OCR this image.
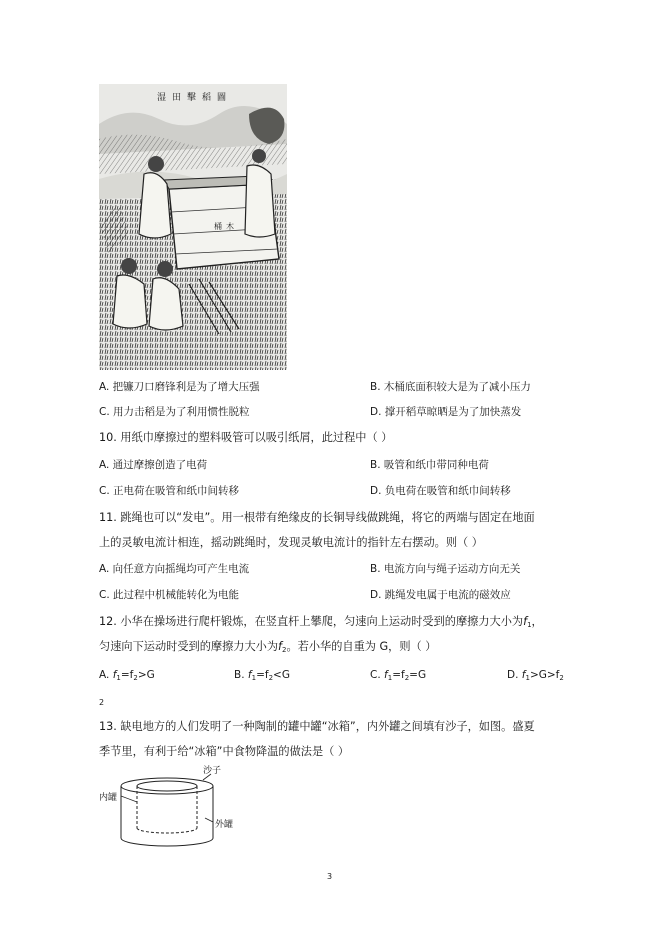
湿田擊稻圖
桶木
A. 把镰刀口磨锋利是为了增大压强	B. 木桶底面积较大是为了减小压力
C. 用力击稻是为了利用惯性脱粒	D. 撑开稻草晾晒是为了加快蒸发
10. 用纸巾摩擦过的塑料吸管可以吸引纸屑，此过程中（ ）
A. 通过摩擦创造了电荷	B. 吸管和纸巾带同种电荷
C. 正电荷在吸管和纸巾间转移	D. 负电荷在吸管和纸巾间转移
11. 跳绳也可以“发电”。用一根带有绝缘皮的长铜导线做跳绳，将它的两端与固定在地面
上的灵敏电流计相连，摇动跳绳时，发现灵敏电流计的指针左右摆动。则（ ）
A. 向任意方向摇绳均可产生电流	B. 电流方向与绳子运动方向无关
C. 此过程中机械能转化为电能	D. 跳绳发电属于电流的磁效应
12. 小华在操场进行爬杆锻炼，在竖直杆上攀爬，匀速向上运动时受到的摩擦力大小为$f_1$，
匀速向下运动时受到的摩擦力大小为$f_2$。若小华的自重为 G，则（ ）
A. $f_1=f_2>G$	B. $f_1=f_2<G$	C. $f_1=f_2=G$	D. $f_1>G>f_2$
2
13. 缺电地方的人们发明了一种陶制的罐中罐“冰箱”，内外罐之间填有沙子，如图。盛夏
季节里，有利于给“冰箱”中食物降温的做法是（ ）
沙子
内罐
外罐
3
